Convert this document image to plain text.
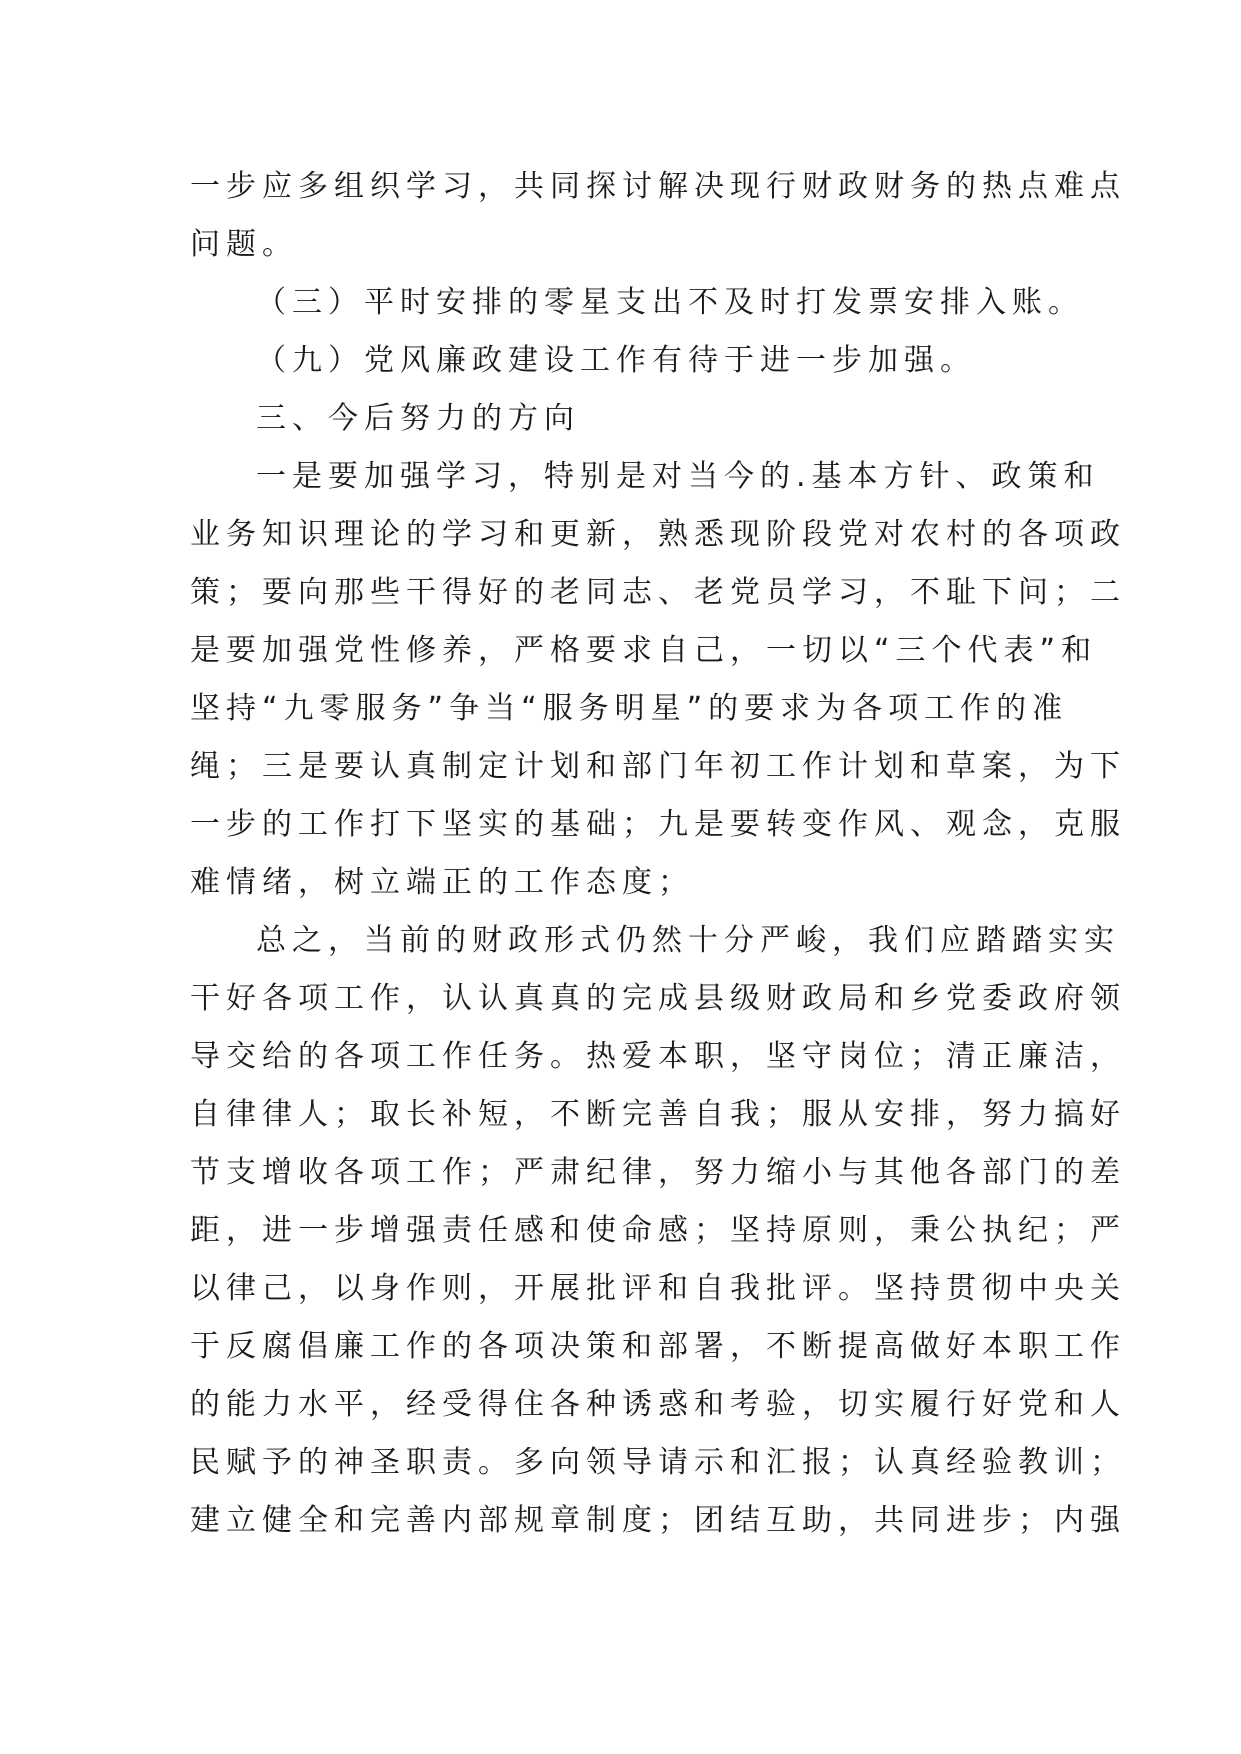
一步应多组织学习，共同探讨解决现行财政财务的热点难点
问题。
（三）平时安排的零星支出不及时打发票安排入账。
（九）党风廉政建设工作有待于进一步加强。
三、今后努力的方向
一是要加强学习，特别是对当今的.基本方针、政策和
业务知识理论的学习和更新，熟悉现阶段党对农村的各项政
策；要向那些干得好的老同志、老党员学习，不耻下问；二
是要加强党性修养，严格要求自己，一切以“三个代表”和
坚持“九零服务”争当“服务明星”的要求为各项工作的准
绳；三是要认真制定计划和部门年初工作计划和草案，为下
一步的工作打下坚实的基础；九是要转变作风、观念，克服
难情绪，树立端正的工作态度；
总之，当前的财政形式仍然十分严峻，我们应踏踏实实
干好各项工作，认认真真的完成县级财政局和乡党委政府领
导交给的各项工作任务。热爱本职，坚守岗位；清正廉洁，
自律律人；取长补短，不断完善自我；服从安排，努力搞好
节支增收各项工作；严肃纪律，努力缩小与其他各部门的差
距，进一步增强责任感和使命感；坚持原则，秉公执纪；严
以律己，以身作则，开展批评和自我批评。坚持贯彻中央关
于反腐倡廉工作的各项决策和部署，不断提高做好本职工作
的能力水平，经受得住各种诱惑和考验，切实履行好党和人
民赋予的神圣职责。多向领导请示和汇报；认真经验教训；
建立健全和完善内部规章制度；团结互助，共同进步；内强
